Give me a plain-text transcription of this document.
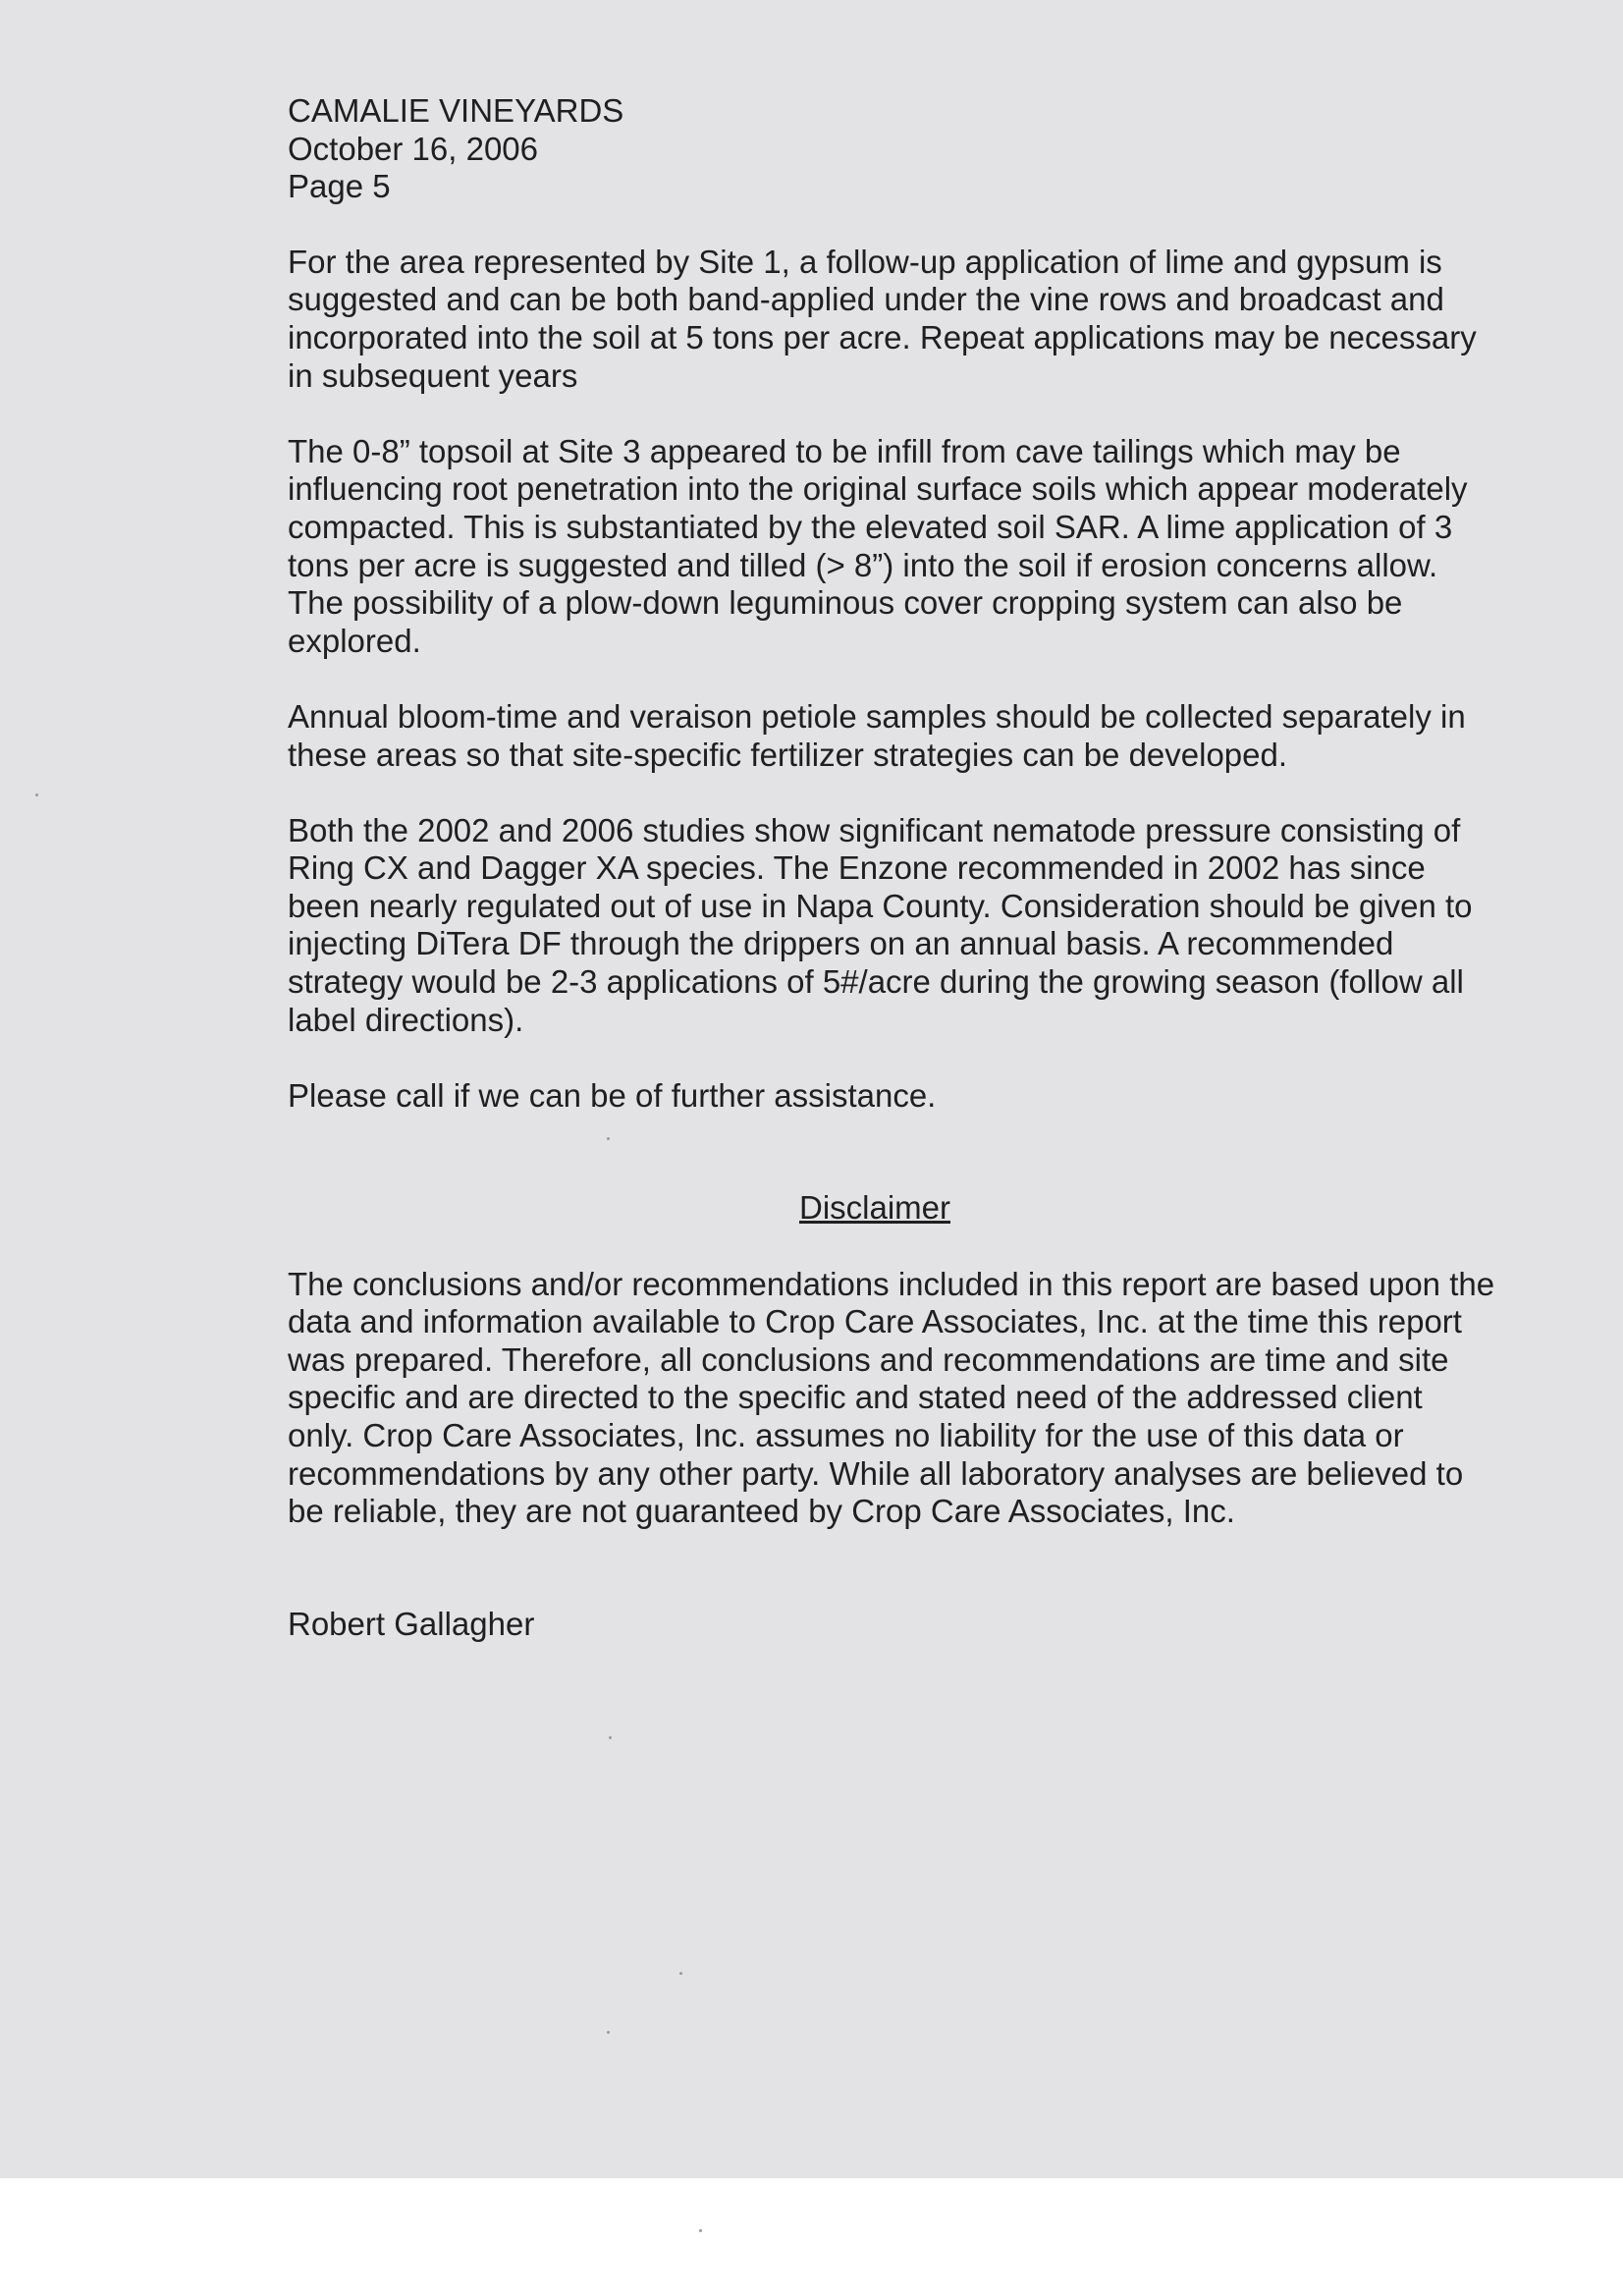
CAMALIE VINEYARDS
October 16, 2006
Page 5

For the area represented by Site 1, a follow-up application of lime and gypsum is suggested and can be both band-applied under the vine rows and broadcast and incorporated into the soil at 5 tons per acre. Repeat applications may be necessary in subsequent years

The 0-8” topsoil at Site 3 appeared to be infill from cave tailings which may be influencing root penetration into the original surface soils which appear moderately compacted. This is substantiated by the elevated soil SAR. A lime application of 3 tons per acre is suggested and tilled (> 8”) into the soil if erosion concerns allow. The possibility of a plow-down leguminous cover cropping system can also be explored.

Annual bloom-time and veraison petiole samples should be collected separately in these areas so that site-specific fertilizer strategies can be developed.

Both the 2002 and 2006 studies show significant nematode pressure consisting of Ring CX and Dagger XA species. The Enzone recommended in 2002 has since been nearly regulated out of use in Napa County. Consideration should be given to injecting DiTera DF through the drippers on an annual basis. A recommended strategy would be 2-3 applications of 5#/acre during the growing season (follow all label directions).

Please call if we can be of further assistance.

Disclaimer

The conclusions and/or recommendations included in this report are based upon the data and information available to Crop Care Associates, Inc. at the time this report was prepared. Therefore, all conclusions and recommendations are time and site specific and are directed to the specific and stated need of the addressed client only. Crop Care Associates, Inc. assumes no liability for the use of this data or recommendations by any other party. While all laboratory analyses are believed to be reliable, they are not guaranteed by Crop Care Associates, Inc.

Robert Gallagher
